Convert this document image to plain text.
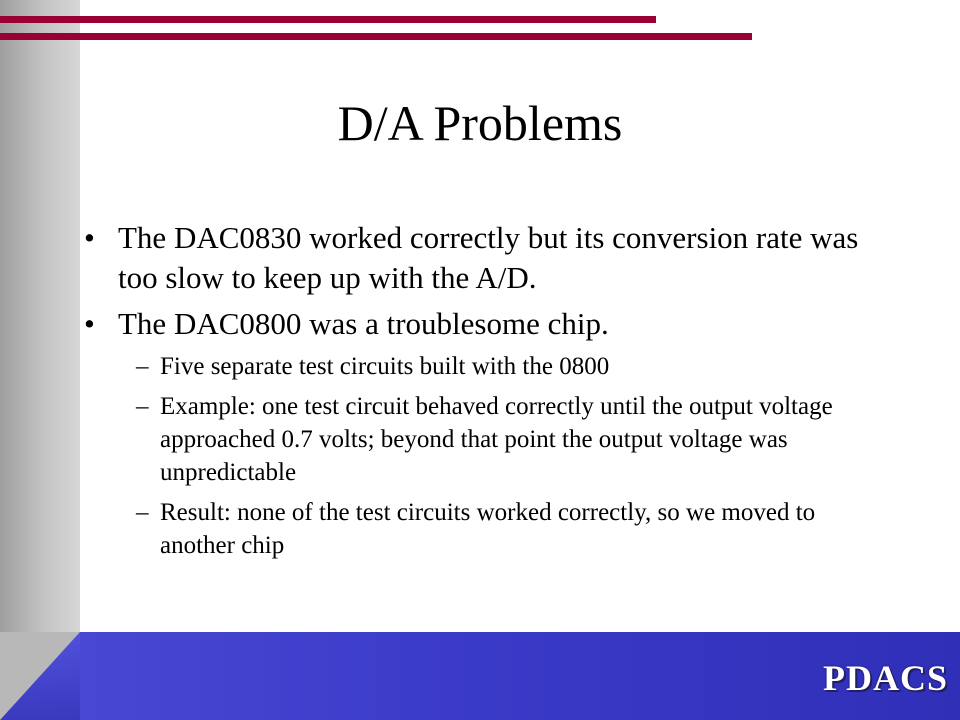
D/A Problems
• The DAC0830 worked correctly but its conversion rate was too slow to keep up with the A/D.
• The DAC0800 was a troublesome chip.
– Five separate test circuits built with the 0800
– Example: one test circuit behaved correctly until the output voltage approached 0.7 volts; beyond that point the output voltage was unpredictable
– Result: none of the test circuits worked correctly, so we moved to another chip
PDACS
